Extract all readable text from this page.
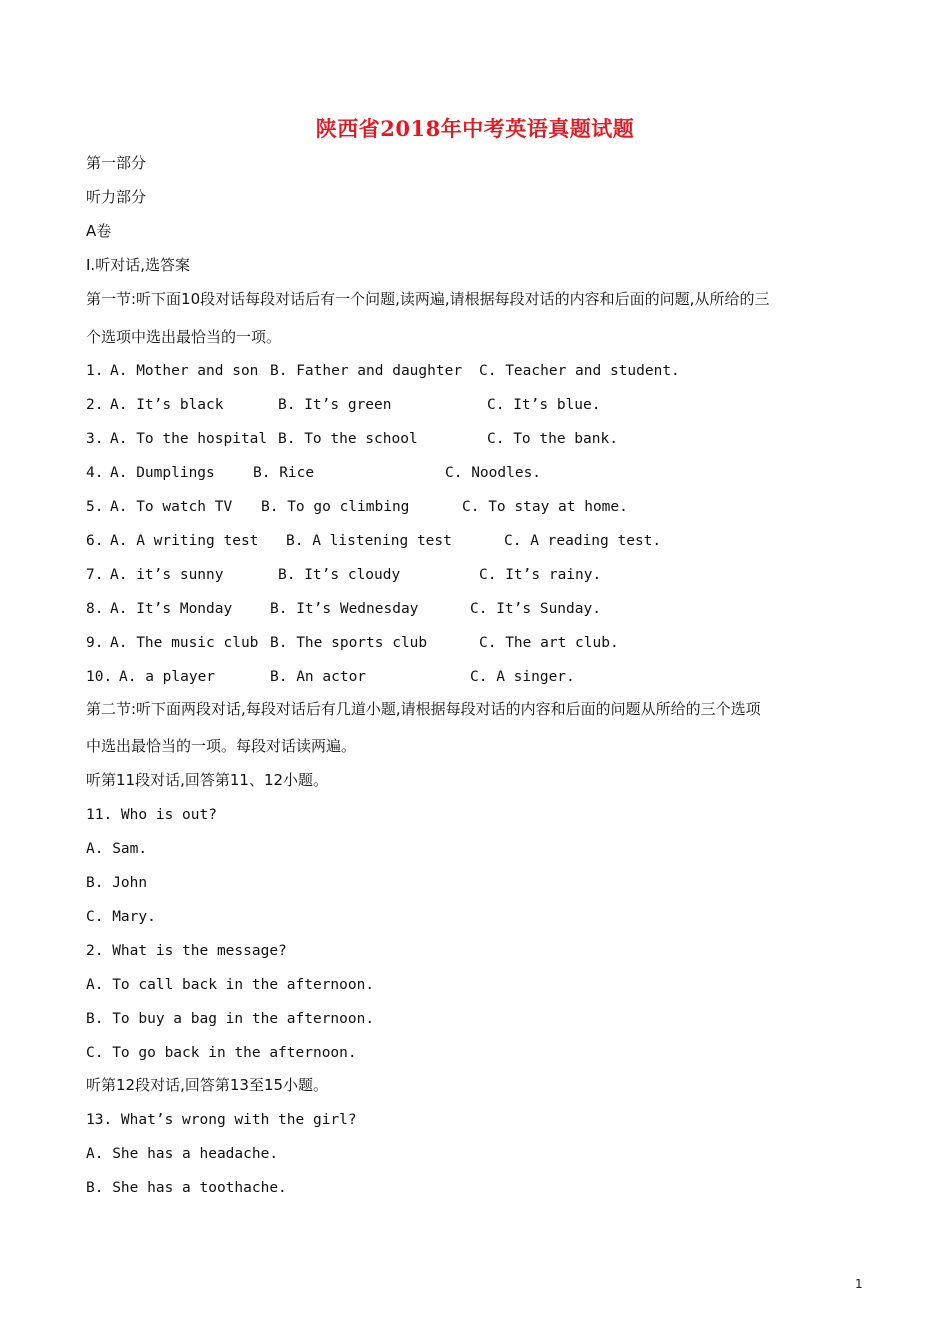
陕西省2018年中考英语真题试题
第一部分
听力部分
A卷
I.听对话,选答案
第一节:听下面10段对话每段对话后有一个问题,读两遍,请根据每段对话的内容和后面的问题,从所给的三
个选项中选出最恰当的一项。
1. A. Mother and son B. Father and daughter C. Teacher and student.
2. A. It’s black	B. It’s green	C. It’s blue.
3. A. To the hospital B. To the school	C. To the bank.
4. A. Dumplings	B. Rice	C. Noodles.
5. A. To watch TV B. To go climbing	C. To stay at home.
6. A. A writing test B. A listening test	C. A reading test.
7. A. it’s sunny	B. It’s cloudy	C. It’s rainy.
8. A. It’s Monday	B. It’s Wednesday	C. It’s Sunday.
9. A. The music club B. The sports club	C. The art club.
10. A. a player	B. An actor	C. A singer.
第二节:听下面两段对话,每段对话后有几道小题,请根据每段对话的内容和后面的问题从所给的三个选项
中选出最恰当的一项。每段对话读两遍。
听第11段对话,回答第11、12小题。
11. Who is out?
A. Sam.
B. John
C. Mary.
2. What is the message?
A. To call back in the afternoon.
B. To buy a bag in the afternoon.
C. To go back in the afternoon.
听第12段对话,回答第13至15小题。
13. What’s wrong with the girl?
A. She has a headache.
B. She has a toothache.
1
